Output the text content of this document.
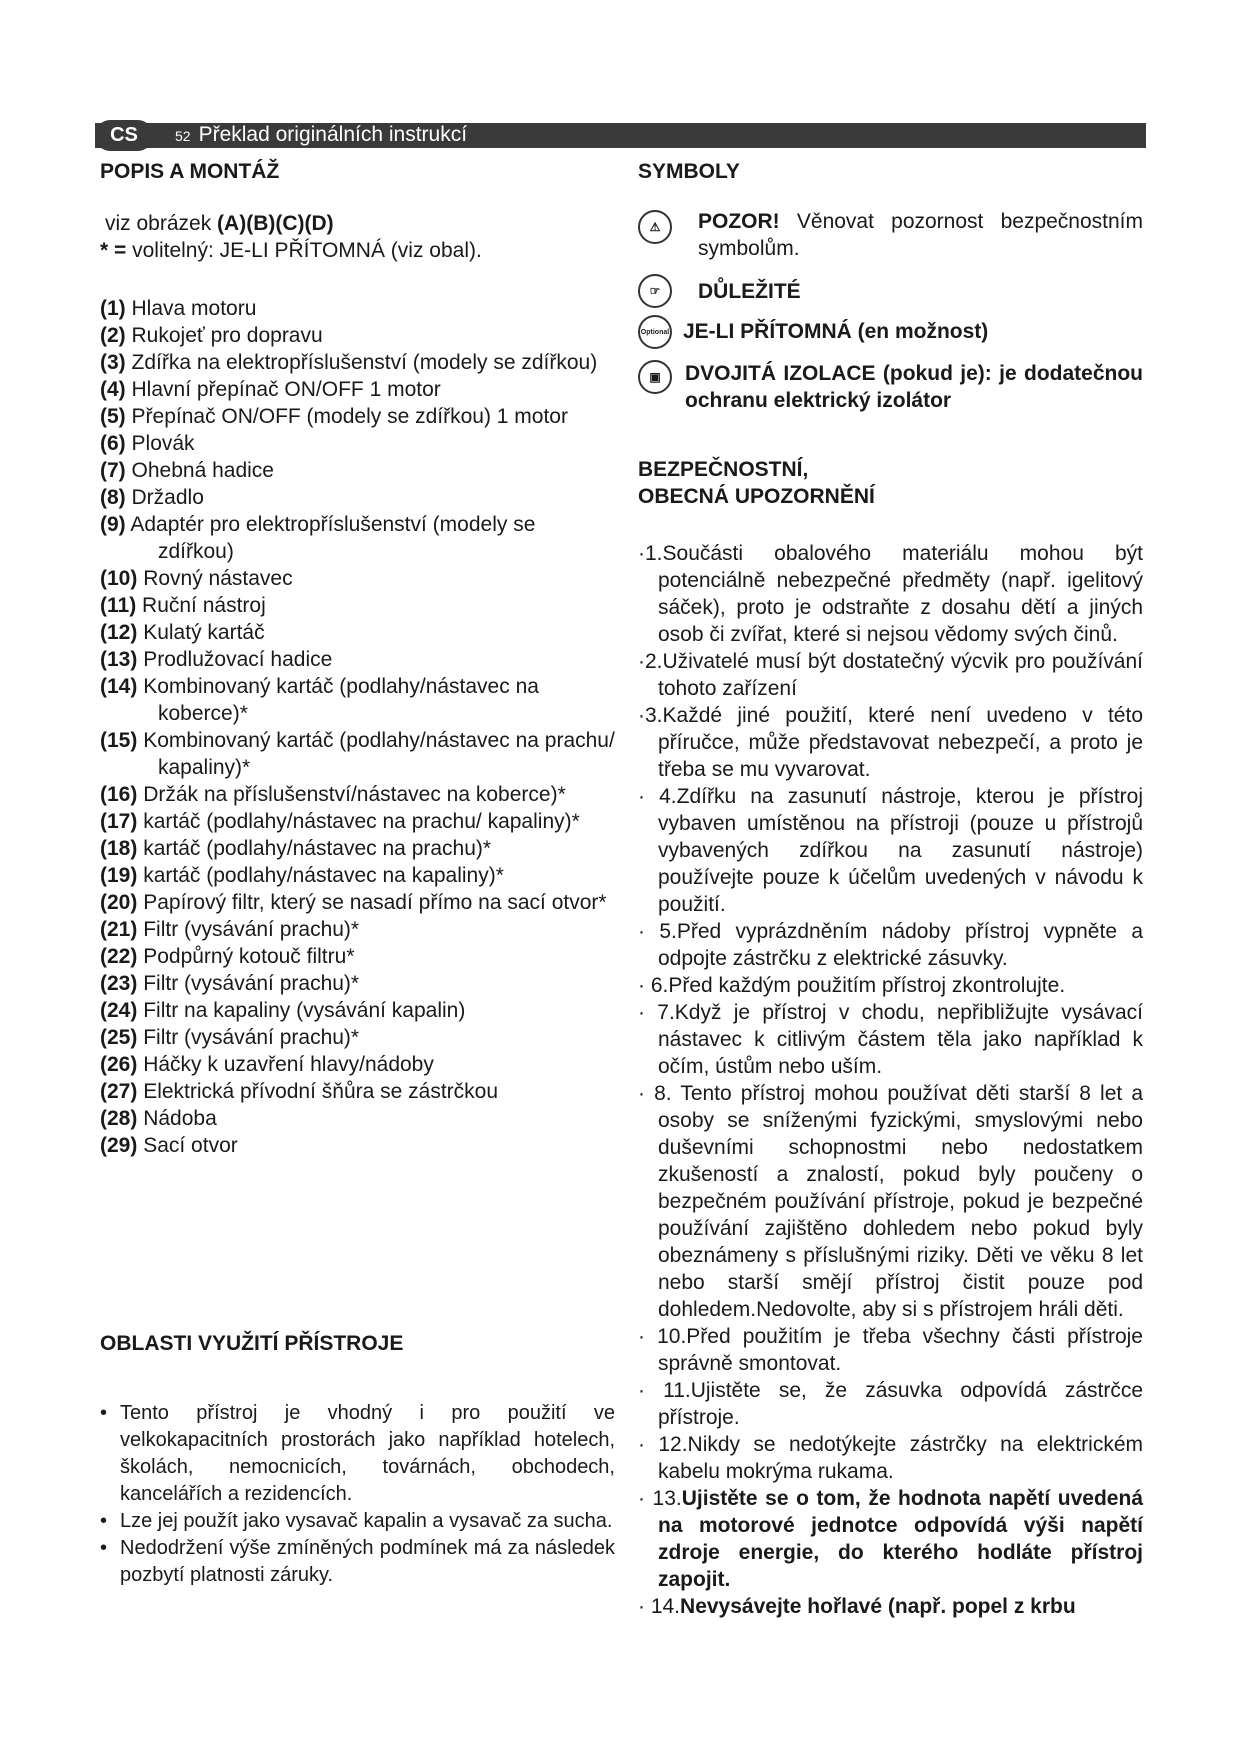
CS	52 Překlad originálních instrukcí
POPIS A MONTÁŽ
viz obrázek (A)(B)(C)(D)
* = volitelný: JE-LI PŘÍTOMNÁ (viz obal).
(1) Hlava motoru
(2) Rukojeť pro dopravu
(3) Zdířka na elektropříslušenství (modely se zdířkou)
(4) Hlavní přepínač ON/OFF 1 motor
(5) Přepínač ON/OFF (modely se zdířkou) 1 motor
(6) Plovák
(7) Ohebná hadice
(8) Držadlo
(9) Adaptér pro elektropříslušenství (modely se zdířkou)
(10) Rovný nástavec
(11) Ruční nástroj
(12) Kulatý kartáč
(13) Prodlužovací hadice
(14) Kombinovaný kartáč (podlahy/nástavec na koberce)*
(15) Kombinovaný kartáč (podlahy/nástavec na prachu/ kapaliny)*
(16) Držák na příslušenství/nástavec na koberce)*
(17) kartáč (podlahy/nástavec na prachu/ kapaliny)*
(18) kartáč (podlahy/nástavec na prachu)*
(19) kartáč (podlahy/nástavec na kapaliny)*
(20) Papírový filtr, který se nasadí přímo na sací otvor*
(21) Filtr (vysávání prachu)*
(22) Podpůrný kotouč filtru*
(23) Filtr (vysávání prachu)*
(24) Filtr na kapaliny (vysávání kapalin)
(25) Filtr (vysávání prachu)*
(26) Háčky k uzavření hlavy/nádoby
(27) Elektrická přívodní šňůra se zástrčkou
(28) Nádoba
(29) Sací otvor
OBLASTI VYUŽITÍ PŘÍSTROJE
• Tento přístroj je vhodný i pro použití ve velkokapacitních prostorách jako například hotelech, školách, nemocnicích, továrnách, obchodech, kancelářích a rezidencích.
• Lze jej použít jako vysavač kapalin a vysavač za sucha.
• Nedodržení výše zmíněných podmínek má za následek pozbytí platnosti záruky.
SYMBOLY
⚠	POZOR! Věnovat pozornost bezpečnostním symbolům.
☞	DŮLEŽITÉ
Optional JE-LI PŘÍTOMNÁ (en možnost)
▣	DVOJITÁ IZOLACE (pokud je): je dodatečnou ochranu elektrický izolátor
BEZPEČNOSTNÍ,
OBECNÁ UPOZORNĚNÍ
·1.Součásti obalového materiálu mohou být potenciálně nebezpečné předměty (např. igelitový sáček), proto je odstraňte z dosahu dětí a jiných osob či zvířat, které si nejsou vědomy svých činů.
·2.Uživatelé musí být dostatečný výcvik pro používání tohoto zařízení
·3.Každé jiné použití, které není uvedeno v této příručce, může představovat nebezpečí, a proto je třeba se mu vyvarovat.
· 4.Zdířku na zasunutí nástroje, kterou je přístroj vybaven umístěnou na přístroji (pouze u přístrojů vybavených zdířkou na zasunutí nástroje) používejte pouze k účelům uvedených v návodu k použití.
· 5.Před vyprázdněním nádoby přístroj vypněte a odpojte zástrčku z elektrické zásuvky.
· 6.Před každým použitím přístroj zkontrolujte.
· 7.Když je přístroj v chodu, nepřibližujte vysávací nástavec k citlivým částem těla jako například k očím, ústům nebo uším.
· 8. Tento přístroj mohou používat děti starší 8 let a osoby se sníženými fyzickými, smyslovými nebo duševními schopnostmi nebo nedostatkem zkušeností a znalostí, pokud byly poučeny o bezpečném používání přístroje, pokud je bezpečné používání zajištěno dohledem nebo pokud byly obeznámeny s příslušnými riziky. Děti ve věku 8 let nebo starší smějí přístroj čistit pouze pod dohledem.Nedovolte, aby si s přístrojem hráli děti.
· 10.Před použitím je třeba všechny části přístroje správně smontovat.
· 11.Ujistěte se, že zásuvka odpovídá zástrčce přístroje.
· 12.Nikdy se nedotýkejte zástrčky na elektrickém kabelu mokrýma rukama.
· 13.Ujistěte se o tom, že hodnota napětí uvedená na motorové jednotce odpovídá výši napětí zdroje energie, do kterého hodláte přístroj zapojit.
· 14.Nevysávejte hořlavé (např. popel z krbu
